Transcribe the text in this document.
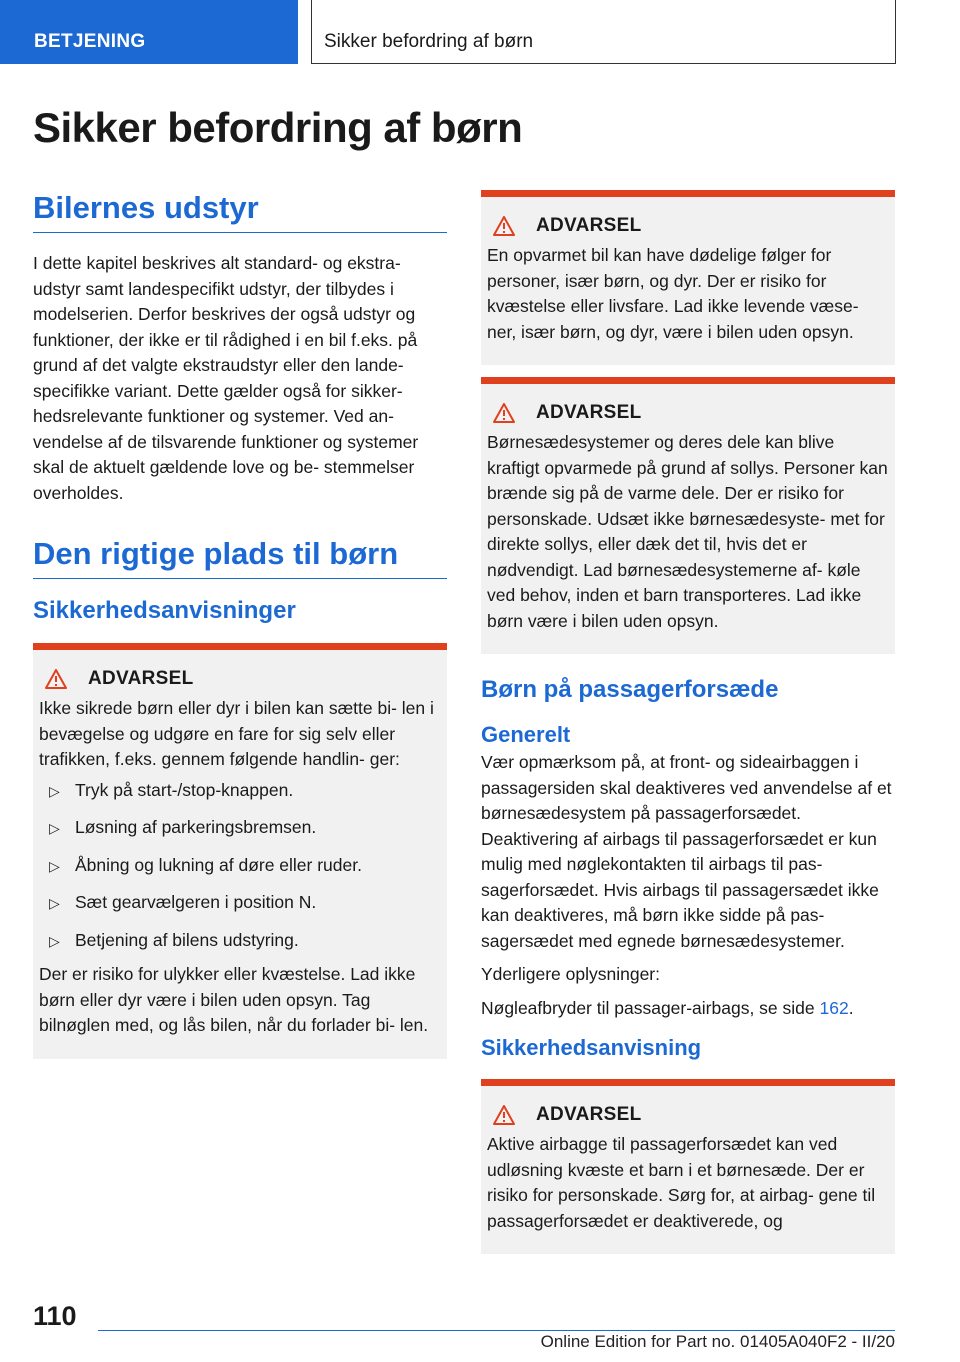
BETJENING	Sikker befordring af børn
Sikker befordring af børn
Bilernes udstyr

I dette kapitel beskrives alt standard- og ekstra- udstyr samt landespecifikt udstyr, der tilbydes i modelserien. Derfor beskrives der også udstyr og funktioner, der ikke er til rådighed i en bil f.eks. på grund af det valgte ekstraudstyr eller den lande- specifikke variant. Dette gælder også for sikker- hedsrelevante funktioner og systemer. Ved an- vendelse af de tilsvarende funktioner og systemer skal de aktuelt gældende love og be- stemmelser overholdes.

Den rigtige plads til børn
Sikkerhedsanvisninger
ADVARSEL

Ikke sikrede børn eller dyr i bilen kan sætte bi- len i bevægelse og udgøre en fare for sig selv eller trafikken, f.eks. gennem følgende handlin- ger:

▷ Tryk på start-/stop-knappen.
▷ Løsning af parkeringsbremsen.
▷ Åbning og lukning af døre eller ruder.
▷ Sæt gearvælgeren i position N.
▷ Betjening af bilens udstyring.

Der er risiko for ulykker eller kvæstelse. Lad ikke børn eller dyr være i bilen uden opsyn. Tag bilnøglen med, og lås bilen, når du forlader bi- len.

ADVARSEL

En opvarmet bil kan have dødelige følger for personer, især børn, og dyr. Der er risiko for kvæstelse eller livsfare. Lad ikke levende væse- ner, især børn, og dyr, være i bilen uden opsyn.

ADVARSEL

Børnesædesystemer og deres dele kan blive kraftigt opvarmede på grund af sollys. Personer kan brænde sig på de varme dele. Der er risiko for personskade. Udsæt ikke børnesædesyste- met for direkte sollys, eller dæk det til, hvis det er nødvendigt. Lad børnesædesystemerne af- køle ved behov, inden et barn transporteres. Lad ikke børn være i bilen uden opsyn.

Børn på passagerforsæde
Generelt

Vær opmærksom på, at front- og sideairbaggen i passagersiden skal deaktiveres ved anvendelse af et børnesædesystem på passagerforsædet. Deaktivering af airbags til passagerforsædet er kun mulig med nøglekontakten til airbags til pas- sagerforsædet. Hvis airbags til passagersædet ikke kan deaktiveres, må børn ikke sidde på pas- sagersædet med egnede børnesædesystemer.

Yderligere oplysninger:

Nøgleafbryder til passager-airbags, se side 162.

Sikkerhedsanvisning
ADVARSEL

Aktive airbagge til passagerforsædet kan ved udløsning kvæste et barn i et børnesæde. Der er risiko for personskade. Sørg for, at airbag- gene til passagerforsædet er deaktiverede, og

110
Online Edition for Part no. 01405A040F2 - II/20
